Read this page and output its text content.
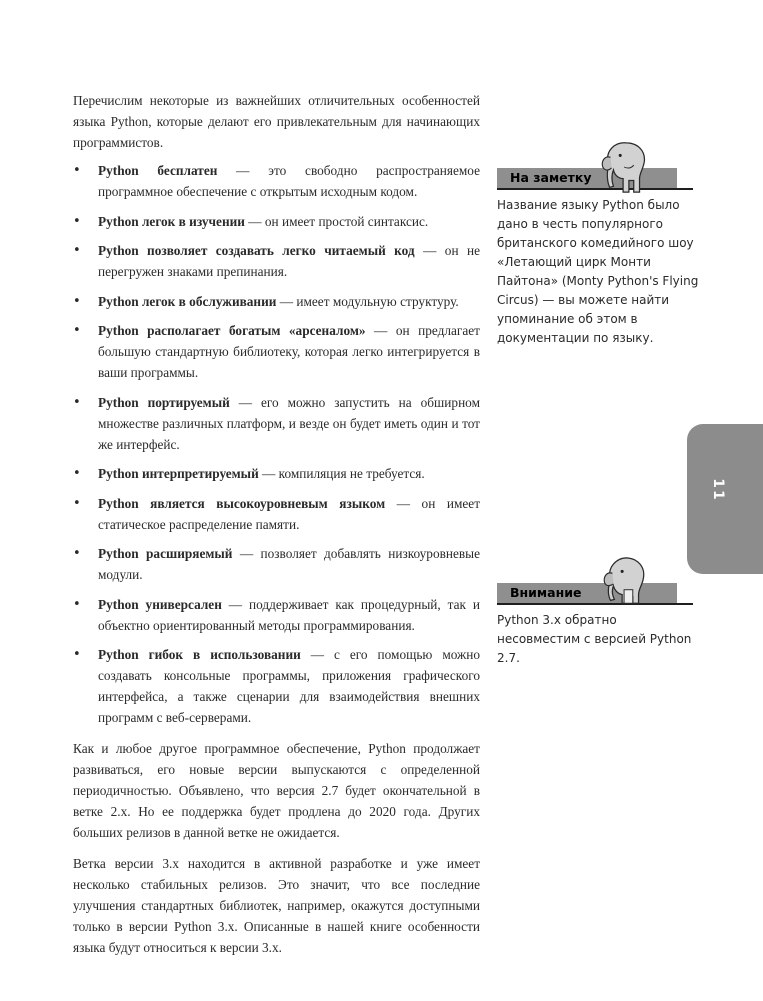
Перечислим некоторые из важнейших отличительных особенностей языка Python, которые делают его привлекательным для начинающих программистов.

• Python бесплатен — это свободно распространяемое программное обеспечение с открытым исходным кодом.
• Python легок в изучении — он имеет простой синтаксис.
• Python позволяет создавать легко читаемый код — он не перегружен знаками препинания.
• Python легок в обслуживании — имеет модульную структуру.
• Python располагает богатым «арсеналом» — он предлагает большую стандартную библиотеку, которая легко интегрируется в ваши программы.
• Python портируемый — его можно запустить на обширном множестве различных платформ, и везде он будет иметь один и тот же интерфейс.
• Python интерпретируемый — компиляция не требуется.
• Python является высокоуровневым языком — он имеет статическое распределение памяти.
• Python расширяемый — позволяет добавлять низкоуровневые модули.
• Python универсален — поддерживает как процедурный, так и объектно ориентированный методы программирования.
• Python гибок в использовании — с его помощью можно создавать консольные программы, приложения графического интерфейса, а также сценарии для взаимодействия внешних программ с веб-серверами.

Как и любое другое программное обеспечение, Python продолжает развиваться, его новые версии выпускаются с определенной периодичностью. Объявлено, что версия 2.7 будет окончательной в ветке 2.x. Но ее поддержка будет продлена до 2020 года. Других больших релизов в данной ветке не ожидается.

Ветка версии 3.x находится в активной разработке и уже имеет несколько стабильных релизов. Это значит, что все последние улучшения стандартных библиотек, например, окажутся доступными только в версии Python 3.x. Описанные в нашей книге особенности языка будут относиться к версии 3.x.

На заметку
Название языку Python было дано в честь популярного британского комедийного шоу «Летающий цирк Монти Пайтона» (Monty Python's Flying Circus) — вы можете найти упоминание об этом в документации по языку.
Внимание
Python 3.x обратно несовместим с версией Python 2.7.
11
